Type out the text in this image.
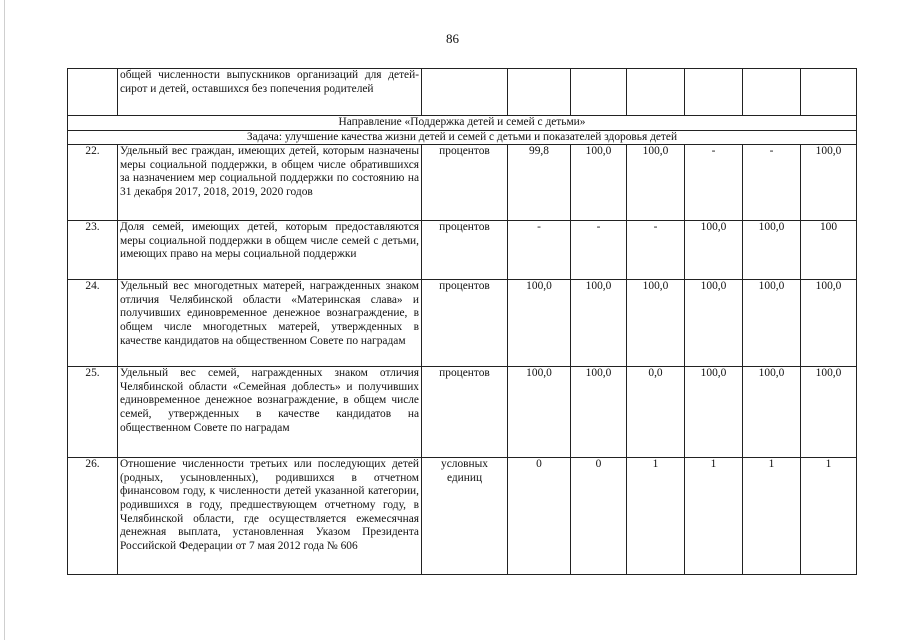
86
	общей численности выпускников организаций для детей-сирот и детей, оставшихся без попечения родителей							
Направление «Поддержка детей и семей с детьми»								
Задача: улучшение качества жизни детей и семей с детьми и показателей здоровья детей								
22.	Удельный вес граждан, имеющих детей, которым назначены меры социальной поддержки, в общем числе обратившихся за назначением мер социальной поддержки по состоянию на 31 декабря 2017, 2018, 2019, 2020 годов	процентов	99,8	100,0	100,0	-	-	100,0
23.	Доля семей, имеющих детей, которым предоставляются меры социальной поддержки в общем числе семей с детьми, имеющих право на меры социальной поддержки	процентов	-	-	-	100,0	100,0	100
24.	Удельный вес многодетных матерей, награжденных знаком отличия Челябинской области «Материнская слава» и получивших единовременное денежное вознаграждение, в общем числе многодетных матерей, утвержденных в качестве кандидатов на общественном Совете по наградам	процентов	100,0	100,0	100,0	100,0	100,0	100,0
25.	Удельный вес семей, награжденных знаком отличия Челябинской области «Семейная доблесть» и получивших единовременное денежное вознаграждение, в общем числе семей, утвержденных в качестве кандидатов на общественном Совете по наградам	процентов	100,0	100,0	0,0	100,0	100,0	100,0
26.	Отношение численности третьих или последующих детей (родных, усыновленных), родившихся в отчетном финансовом году, к численности детей указанной категории, родившихся в году, предшествующем отчетному году, в Челябинской области, где осуществляется ежемесячная денежная выплата, установленная Указом Президента Российской Федерации от 7 мая 2012 года № 606	условных единиц	0	0	1	1	1	1
